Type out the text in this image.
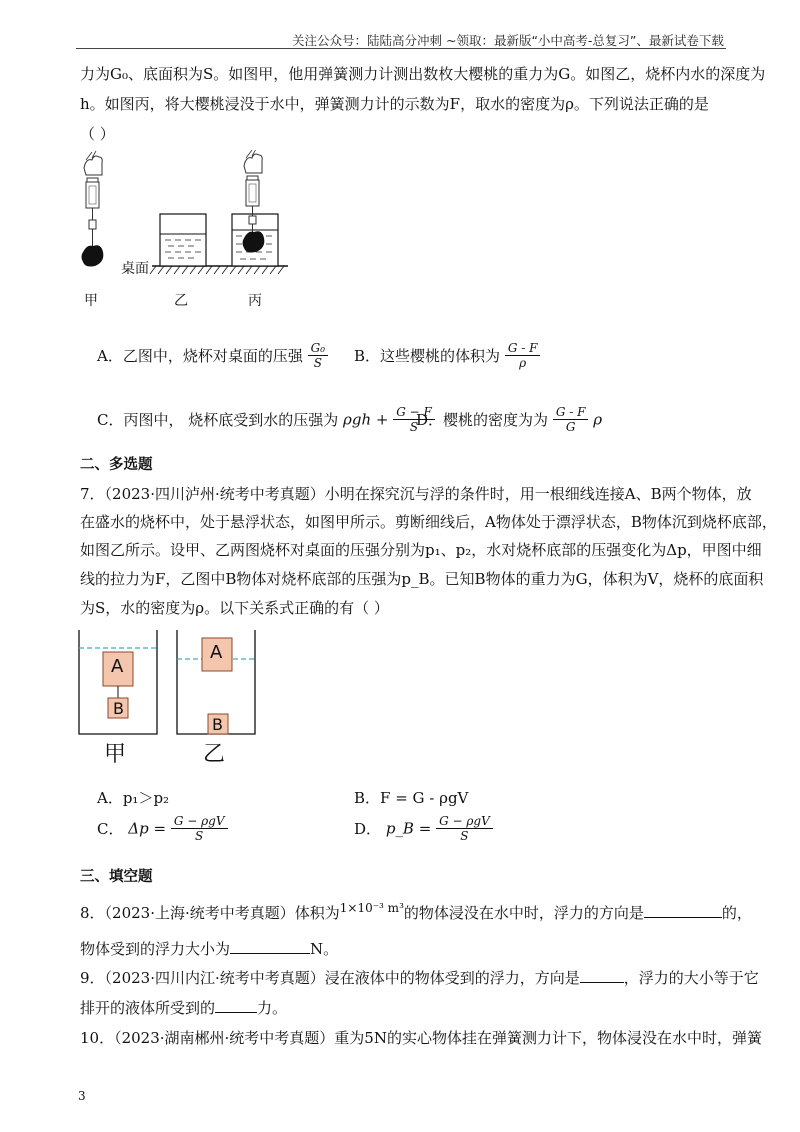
关注公众号：陆陆高分冲刺 ~领取：最新版“小中高考-总复习”、最新试卷下载
力为G₀、底面积为S。如图甲，他用弹簧测力计测出数枚大樱桃的重力为G。如图乙，烧杯内水的深度为
h。如图丙，将大樱桃浸没于水中，弹簧测力计的示数为F，取水的密度为ρ。下列说法正确的是
（ ）
桌面
甲	乙	丙
A．乙图中，烧杯对桌面的压强 $\frac{\text{G₀}}{S}$ B．这些樱桃的体积为 $\frac{G - F}{\rho}$
C．丙图中， 烧杯底受到水的压强为 $\rho gh + \frac{G - F}{S}$
D．樱桃的密度为为 $\frac{G - F}{G}$ ρ
二、多选题
7．（2023·四川泸州·统考中考真题）小明在探究沉与浮的条件时，用一根细线连接A、B两个物体，放
在盛水的烧杯中，处于悬浮状态，如图甲所示。剪断细线后，A物体处于漂浮状态，B物体沉到烧杯底部，
如图乙所示。设甲、乙两图烧杯对桌面的压强分别为p₁、p₂，水对烧杯底部的压强变化为Δp，甲图中细
线的拉力为F，乙图中B物体对烧杯底部的压强为p_B。已知B物体的重力为G，体积为V，烧杯的底面积
为S，水的密度为ρ。以下关系式正确的有（ ）
A
B
A
B
甲	乙
A．p₁＞p₂	B．F = G - ρgV
C． $\Delta p = \frac{\text{G − ρgV}}{S}$	D． p_B = $\frac{\text{G − ρgV}}{S}$
三、填空题
8．（2023·上海·统考中考真题）体积为$^{1\times 10^{-3} m^3}$的物体浸没在水中时，浮力的方向是	的，
物体受到的浮力大小为	N。
9．（2023·四川内江·统考中考真题）浸在液体中的物体受到的浮力，方向是	，浮力的大小等于它
排开的液体所受到的	力。
10．（2023·湖南郴州·统考中考真题）重为5N的实心物体挂在弹簧测力计下，物体浸没在水中时，弹簧
3
